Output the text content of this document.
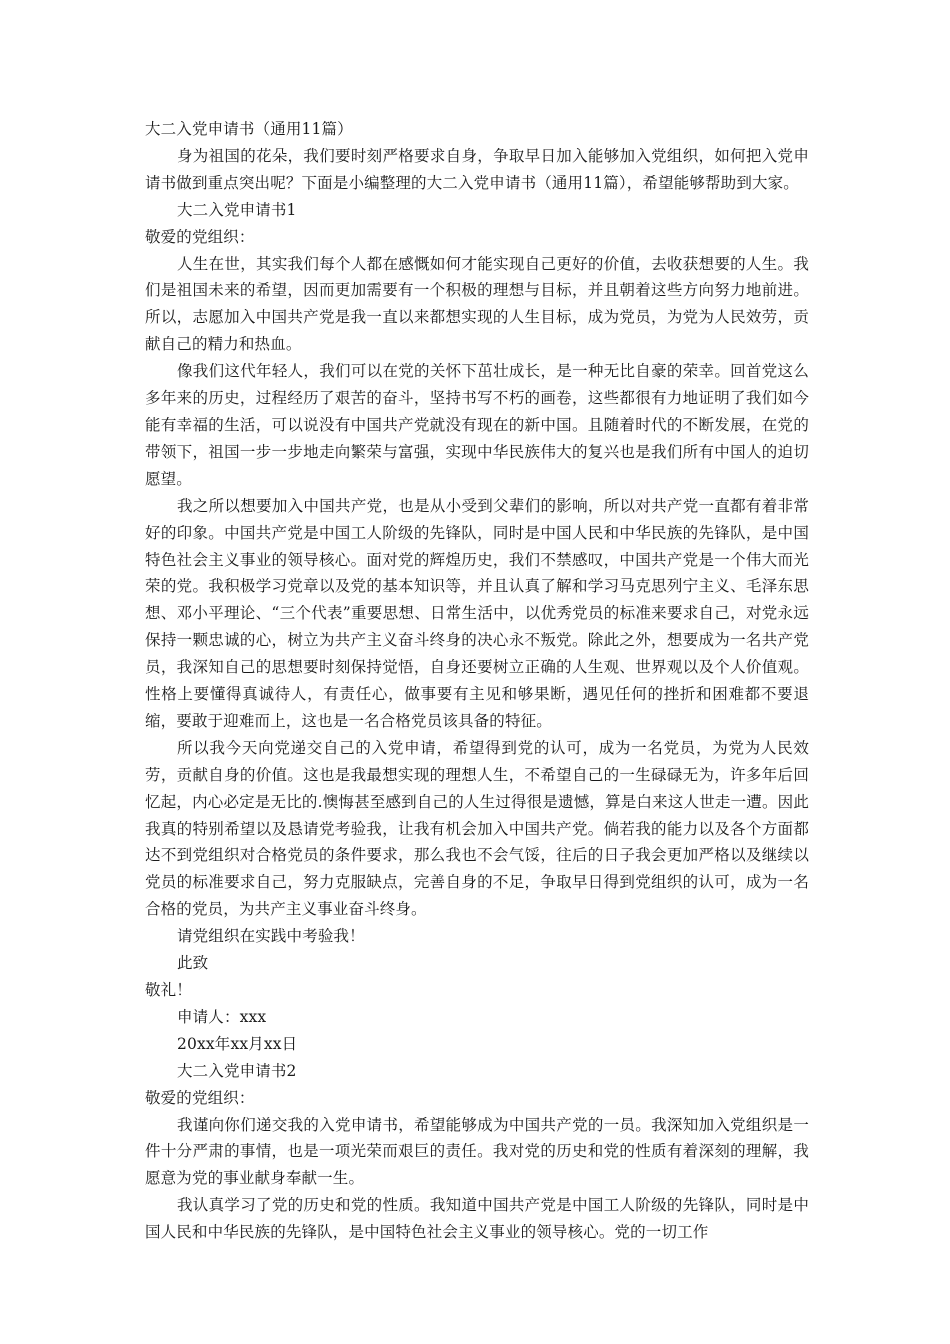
大二入党申请书（通用11篇）

身为祖国的花朵，我们要时刻严格要求自身，争取早日加入能够加入党组织，如何把入党申请书做到重点突出呢？下面是小编整理的大二入党申请书（通用11篇），希望能够帮助到大家。

大二入党申请书1

敬爱的党组织：

人生在世，其实我们每个人都在感慨如何才能实现自己更好的价值，去收获想要的人生。我们是祖国未来的希望，因而更加需要有一个积极的理想与目标，并且朝着这些方向努力地前进。所以，志愿加入中国共产党是我一直以来都想实现的人生目标，成为党员，为党为人民效劳，贡献自己的精力和热血。

像我们这代年轻人，我们可以在党的关怀下茁壮成长，是一种无比自豪的荣幸。回首党这么多年来的历史，过程经历了艰苦的奋斗，坚持书写不朽的画卷，这些都很有力地证明了我们如今能有幸福的生活，可以说没有中国共产党就没有现在的新中国。且随着时代的不断发展，在党的带领下，祖国一步一步地走向繁荣与富强，实现中华民族伟大的复兴也是我们所有中国人的迫切愿望。

我之所以想要加入中国共产党，也是从小受到父辈们的影响，所以对共产党一直都有着非常好的印象。中国共产党是中国工人阶级的先锋队，同时是中国人民和中华民族的先锋队，是中国特色社会主义事业的领导核心。面对党的辉煌历史，我们不禁感叹，中国共产党是一个伟大而光荣的党。我积极学习党章以及党的基本知识等，并且认真了解和学习马克思列宁主义、毛泽东思想、邓小平理论、“三个代表”重要思想、日常生活中，以优秀党员的标准来要求自己，对党永远保持一颗忠诚的心，树立为共产主义奋斗终身的决心永不叛党。除此之外，想要成为一名共产党员，我深知自己的思想要时刻保持觉悟，自身还要树立正确的人生观、世界观以及个人价值观。性格上要懂得真诚待人，有责任心，做事要有主见和够果断，遇见任何的挫折和困难都不要退缩，要敢于迎难而上，这也是一名合格党员该具备的特征。

所以我今天向党递交自己的入党申请，希望得到党的认可，成为一名党员，为党为人民效劳，贡献自身的价值。这也是我最想实现的理想人生，不希望自己的一生碌碌无为，许多年后回忆起，内心必定是无比的.懊悔甚至感到自己的人生过得很是遗憾，算是白来这人世走一遭。因此我真的特别希望以及恳请党考验我，让我有机会加入中国共产党。倘若我的能力以及各个方面都达不到党组织对合格党员的条件要求，那么我也不会气馁，往后的日子我会更加严格以及继续以党员的标准要求自己，努力克服缺点，完善自身的不足，争取早日得到党组织的认可，成为一名合格的党员，为共产主义事业奋斗终身。

请党组织在实践中考验我！

此致

敬礼！

申请人：xxx

20xx年xx月xx日

大二入党申请书2

敬爱的党组织：

我谨向你们递交我的入党申请书，希望能够成为中国共产党的一员。我深知加入党组织是一件十分严肃的事情，也是一项光荣而艰巨的责任。我对党的历史和党的性质有着深刻的理解，我愿意为党的事业献身奉献一生。

我认真学习了党的历史和党的性质。我知道中国共产党是中国工人阶级的先锋队，同时是中国人民和中华民族的先锋队，是中国特色社会主义事业的领导核心。党的一切工作
